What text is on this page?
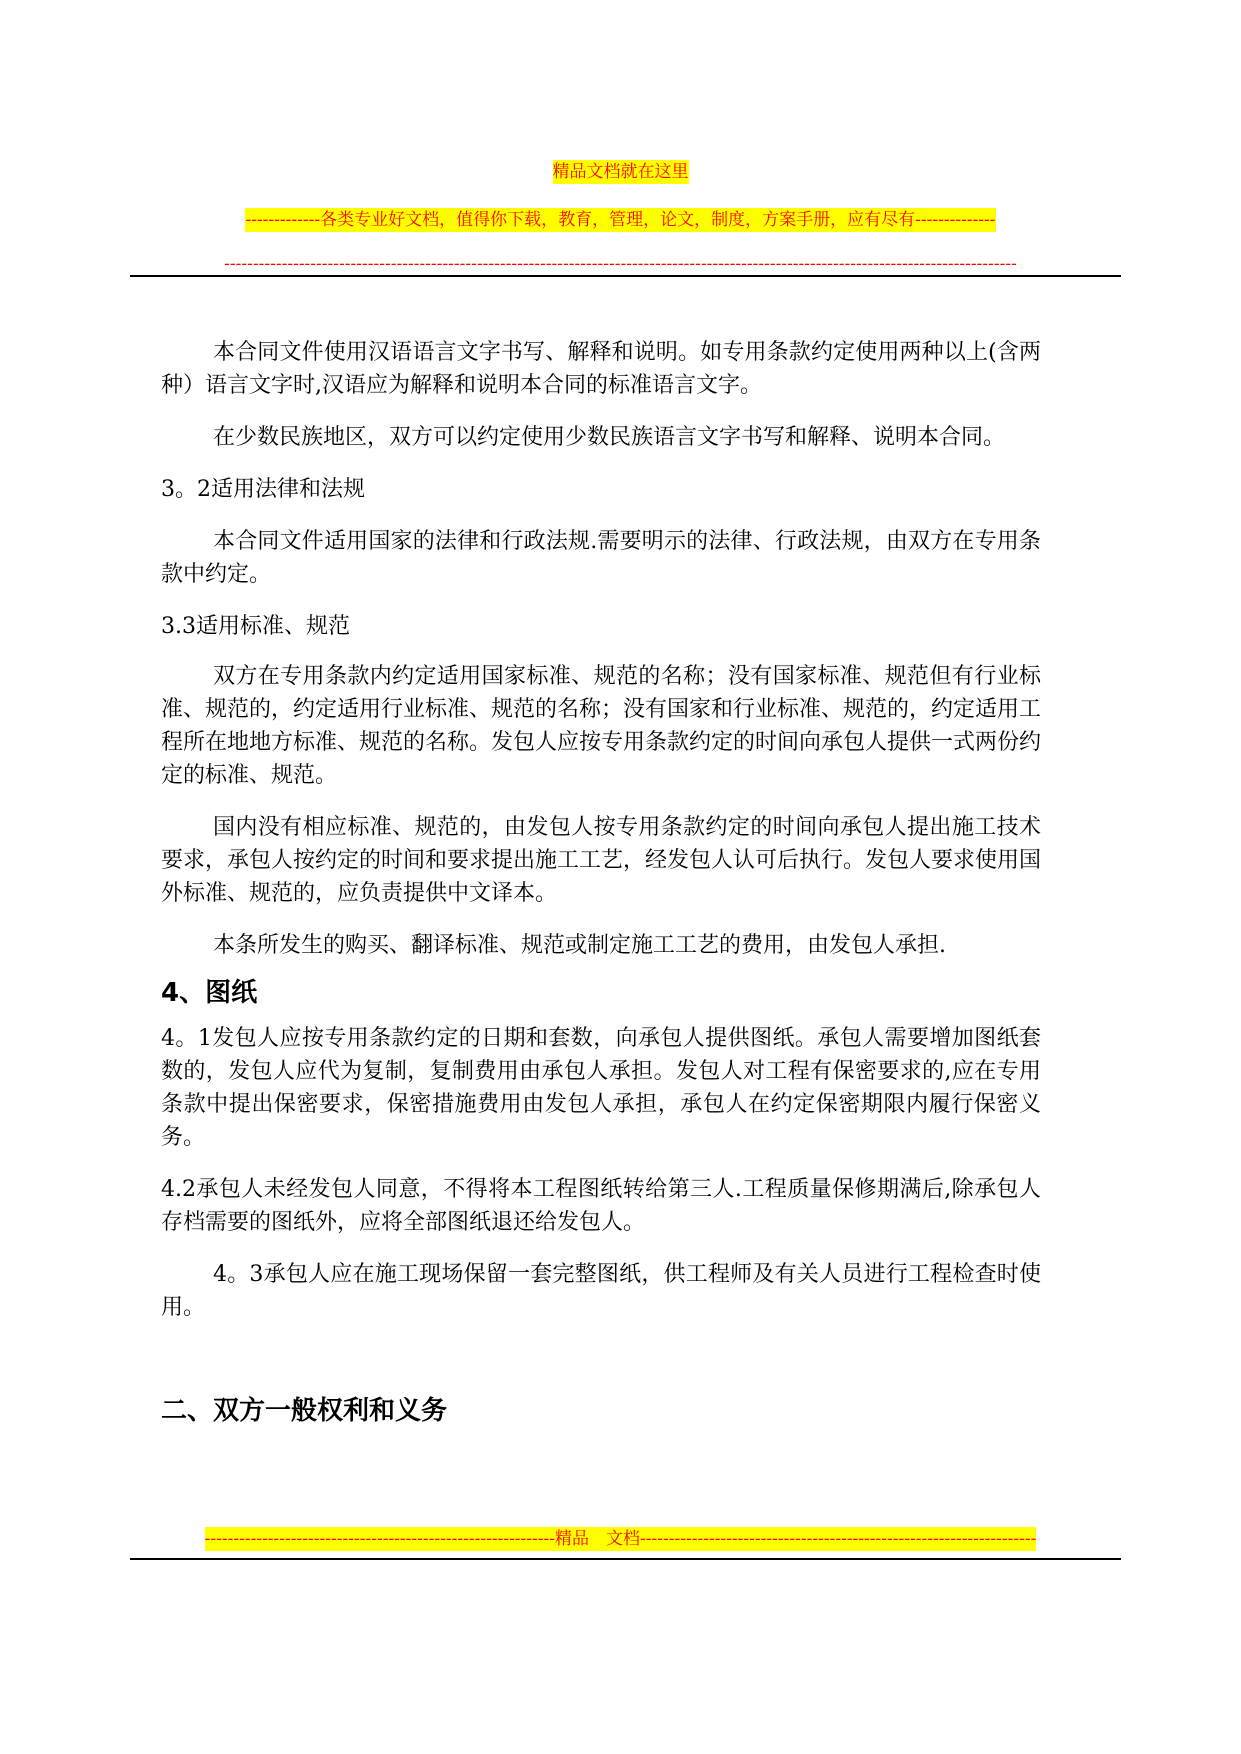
精品文档就在这里
-------------各类专业好文档，值得你下载，教育，管理，论文，制度，方案手册，应有尽有--------------
------------------------------------------------------------------------------------------------------------------------------------------

本合同文件使用汉语语言文字书写、解释和说明。如专用条款约定使用两种以上(含两种）语言文字时,汉语应为解释和说明本合同的标准语言文字。

在少数民族地区，双方可以约定使用少数民族语言文字书写和解释、说明本合同。

3。2适用法律和法规

本合同文件适用国家的法律和行政法规.需要明示的法律、行政法规，由双方在专用条款中约定。

3.3适用标准、规范

双方在专用条款内约定适用国家标准、规范的名称；没有国家标准、规范但有行业标准、规范的，约定适用行业标准、规范的名称；没有国家和行业标准、规范的，约定适用工程所在地地方标准、规范的名称。发包人应按专用条款约定的时间向承包人提供一式两份约定的标准、规范。

国内没有相应标准、规范的，由发包人按专用条款约定的时间向承包人提出施工技术要求，承包人按约定的时间和要求提出施工工艺，经发包人认可后执行。发包人要求使用国外标准、规范的，应负责提供中文译本。

本条所发生的购买、翻译标准、规范或制定施工工艺的费用，由发包人承担.

4、图纸

4。1发包人应按专用条款约定的日期和套数，向承包人提供图纸。承包人需要增加图纸套数的，发包人应代为复制，复制费用由承包人承担。发包人对工程有保密要求的,应在专用条款中提出保密要求，保密措施费用由发包人承担，承包人在约定保密期限内履行保密义务。

4.2承包人未经发包人同意，不得将本工程图纸转给第三人.工程质量保修期满后,除承包人存档需要的图纸外，应将全部图纸退还给发包人。

4。3承包人应在施工现场保留一套完整图纸，供工程师及有关人员进行工程检查时使用。

二、双方一般权利和义务
-------------------------------------------------------------精品　文档---------------------------------------------------------------------
